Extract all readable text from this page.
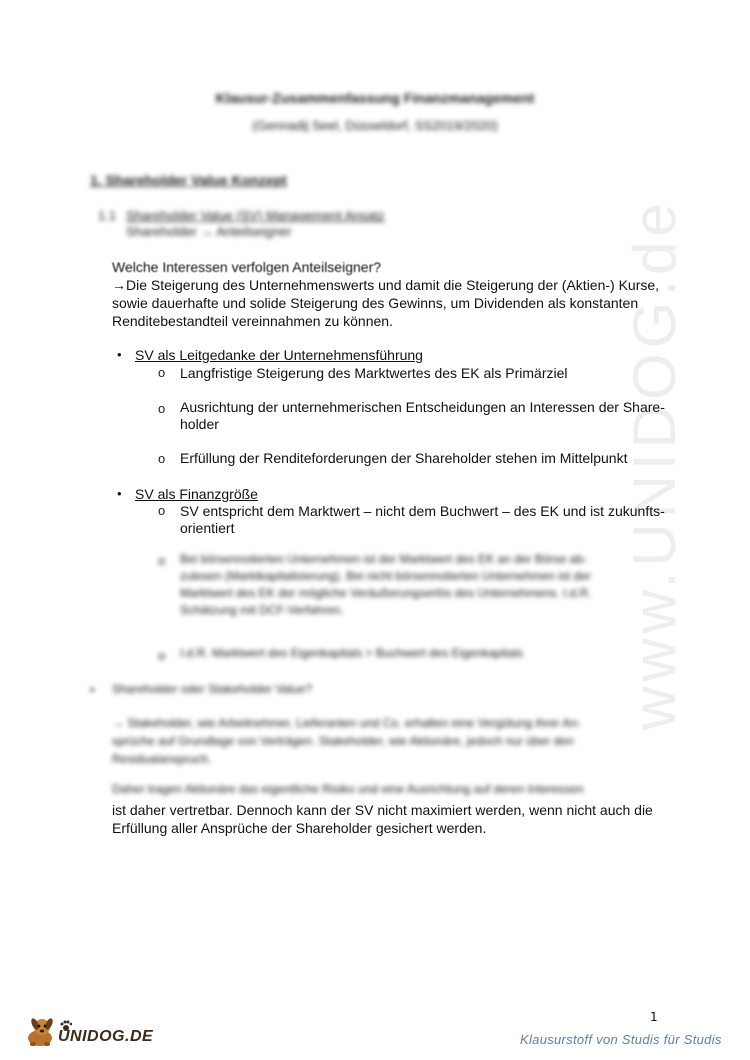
www.UNIDOG.de
Klausur-Zusammenfassung Finanzmanagement
(Gennadij Seel, Düsseldorf, SS2019/2020)
1. Shareholder Value Konzept
1.1 Shareholder Value (SV) Management Ansatz
Shareholder → Anteilseigner
Welche Interessen verfolgen Anteilseigner?
→Die Steigerung des Unternehmenswerts und damit die Steigerung der (Aktien-) Kurse,
sowie dauerhafte und solide Steigerung des Gewinns, um Dividenden als konstanten
Renditebestandteil vereinnahmen zu können.
• SV als Leitgedanke der Unternehmensführung
o Langfristige Steigerung des Marktwertes des EK als Primärziel
o Ausrichtung der unternehmerischen Entscheidungen an Interessen der Share-
holder
o Erfüllung der Renditeforderungen der Shareholder stehen im Mittelpunkt
• SV als Finanzgröße
o SV entspricht dem Marktwert – nicht dem Buchwert – des EK und ist zukunfts-
orientiert
o Bei börsennotierten Unternehmen ist der Marktwert des EK an der Börse ab-
zulesen (Marktkapitalisierung). Bei nicht börsennotierten Unternehmen ist der
Marktwert des EK der mögliche Veräußerungserlös des Unternehmens. I.d.R.
Schätzung mit DCF-Verfahren.
o I.d.R. Marktwert des Eigenkapitals > Buchwert des Eigenkapitals
• Shareholder oder Stakeholder Value?
→ Stakeholder, wie Arbeitnehmer, Lieferanten und Co. erhalten eine Vergütung ihrer An-
sprüche auf Grundlage von Verträgen. Stakeholder, wie Aktionäre, jedoch nur über den
Residualanspruch.
Daher tragen Aktionäre das eigentliche Risiko und eine Ausrichtung auf deren Interessen
ist daher vertretbar. Dennoch kann der SV nicht maximiert werden, wenn nicht auch die
Erfüllung aller Ansprüche der Shareholder gesichert werden.
1
UNIDOG.DE	Klausurstoff von Studis für Studis
